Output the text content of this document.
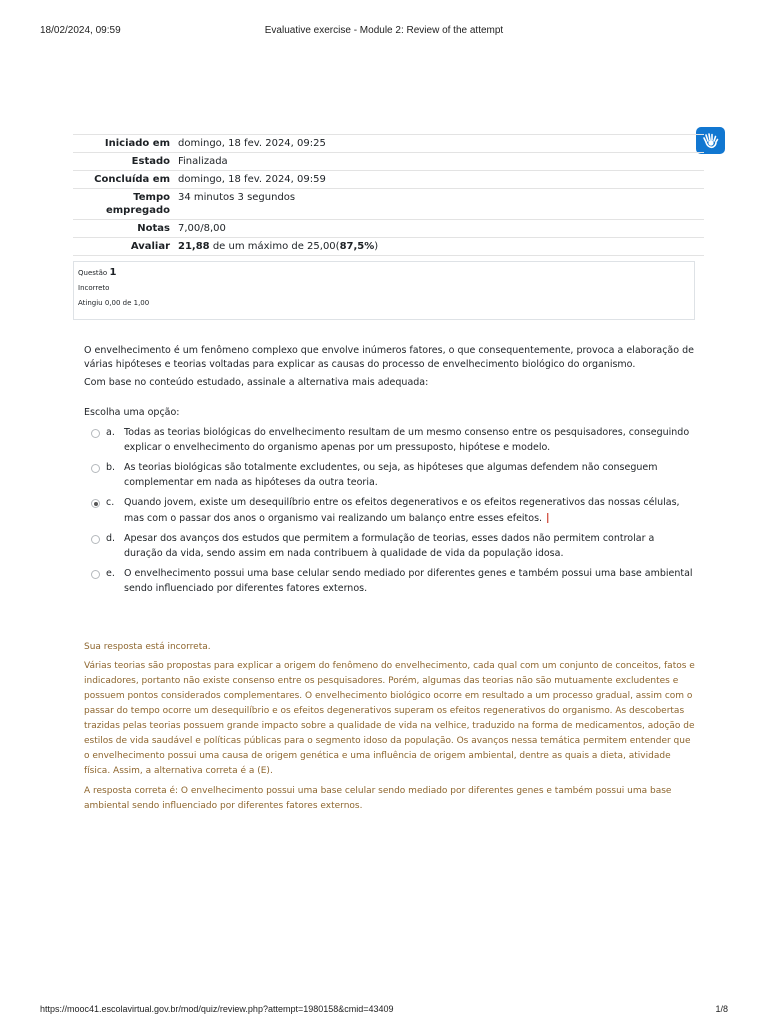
18/02/2024, 09:59	Evaluative exercise - Module 2: Review of the attempt
Iniciado em domingo, 18 fev. 2024, 09:25
Estado Finalizada
Concluída em domingo, 18 fev. 2024, 09:59
Tempo empregado
34 minutos 3 segundos
Notas 7,00/8,00
Avaliar 21,88 de um máximo de 25,00(87,5%)
Questão 1
Incorreto
Atingiu 0,00 de 1,00

O envelhecimento é um fenômeno complexo que envolve inúmeros fatores, o que consequentemente, provoca a elaboração de várias hipóteses e teorias voltadas para explicar as causas do processo de envelhecimento biológico do organismo.

Com base no conteúdo estudado, assinale a alternativa mais adequada:

Escolha uma opção:

a. Todas as teorias biológicas do envelhecimento resultam de um mesmo consenso entre os pesquisadores, conseguindo explicar o envelhecimento do organismo apenas por um pressuposto, hipótese e modelo.
b. As teorias biológicas são totalmente excludentes, ou seja, as hipóteses que algumas defendem não conseguem complementar em nada as hipóteses da outra teoria.
c.	Quando jovem, existe um desequilíbrio entre os efeitos degenerativos e os efeitos regenerativos das nossas células, mas com o passar dos anos o organismo vai realizando um balanço entre esses efeitos. ǀ
d. Apesar dos avanços dos estudos que permitem a formulação de teorias, esses dados não permitem controlar a duração da vida, sendo assim em nada contribuem à qualidade de vida da população idosa.
e. O envelhecimento possui uma base celular sendo mediado por diferentes genes e também possui uma base ambiental sendo influenciado por diferentes fatores externos.

Sua resposta está incorreta.

Várias teorias são propostas para explicar a origem do fenômeno do envelhecimento, cada qual com um conjunto de conceitos, fatos e indicadores, portanto não existe consenso entre os pesquisadores. Porém, algumas das teorias não são mutuamente excludentes e possuem pontos considerados complementares. O envelhecimento biológico ocorre em resultado a um processo gradual, assim com o passar do tempo ocorre um desequilíbrio e os efeitos degenerativos superam os efeitos regenerativos do organismo. As descobertas trazidas pelas teorias possuem grande impacto sobre a qualidade de vida na velhice, traduzido na forma de medicamentos, adoção de estilos de vida saudável e políticas públicas para o segmento idoso da população. Os avanços nessa temática permitem entender que o envelhecimento possui uma causa de origem genética e uma influência de origem ambiental, dentre as quais a dieta, atividade física. Assim, a alternativa correta é a (E).

A resposta correta é: O envelhecimento possui uma base celular sendo mediado por diferentes genes e também possui uma base ambiental sendo influenciado por diferentes fatores externos.

https://mooc41.escolavirtual.gov.br/mod/quiz/review.php?attempt=1980158&cmid=43409	1/8
